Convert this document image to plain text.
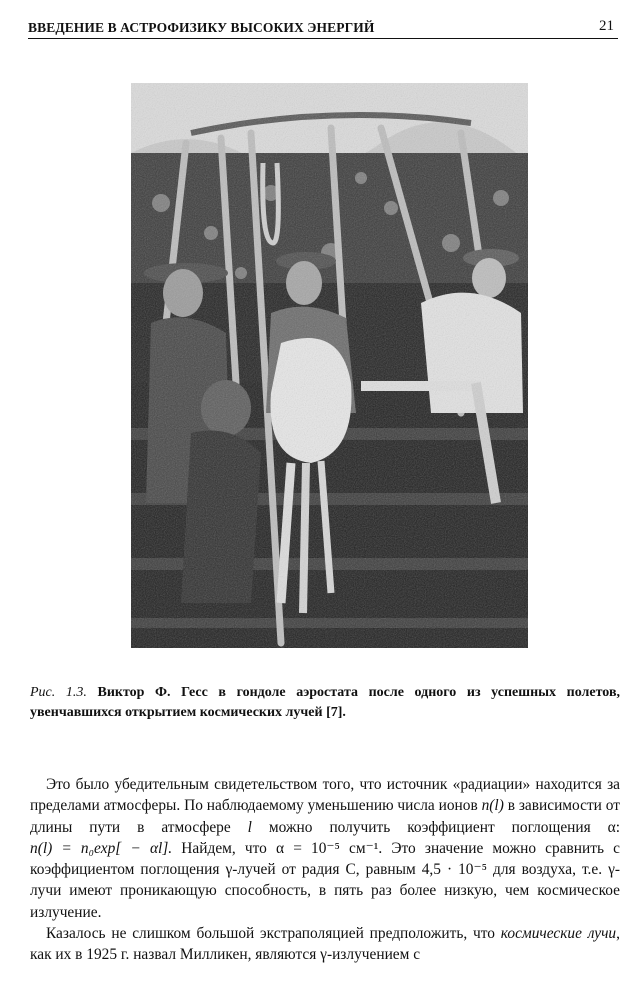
ВВЕДЕНИЕ В АСТРОФИЗИКУ ВЫСОКИХ ЭНЕРГИЙ	21
Рис. 1.3. Виктор Ф. Гесс в гондоле аэростата после одного из успешных полетов, увенчавшихся открытием космических лучей [7].

Это было убедительным свидетельством того, что источник «радиации» находится за пределами атмосферы. По наблюдаемому уменьшению числа ионов n(l) в зависимости от длины пути в атмосфере l можно получить коэффициент поглощения α: n(l) = n₀exp[ − αl]. Найдем, что α = 10⁻⁵ см⁻¹. Это значение можно сравнить с коэффициентом поглощения γ-лучей от радия С, равным 4,5 · 10⁻⁵ для воздуха, т.е. γ-лучи имеют проникающую способность, в пять раз более низкую, чем космическое излучение.

Казалось не слишком большой экстраполяцией предположить, что космические лучи, как их в 1925 г. назвал Милликен, являются γ-излучением с
